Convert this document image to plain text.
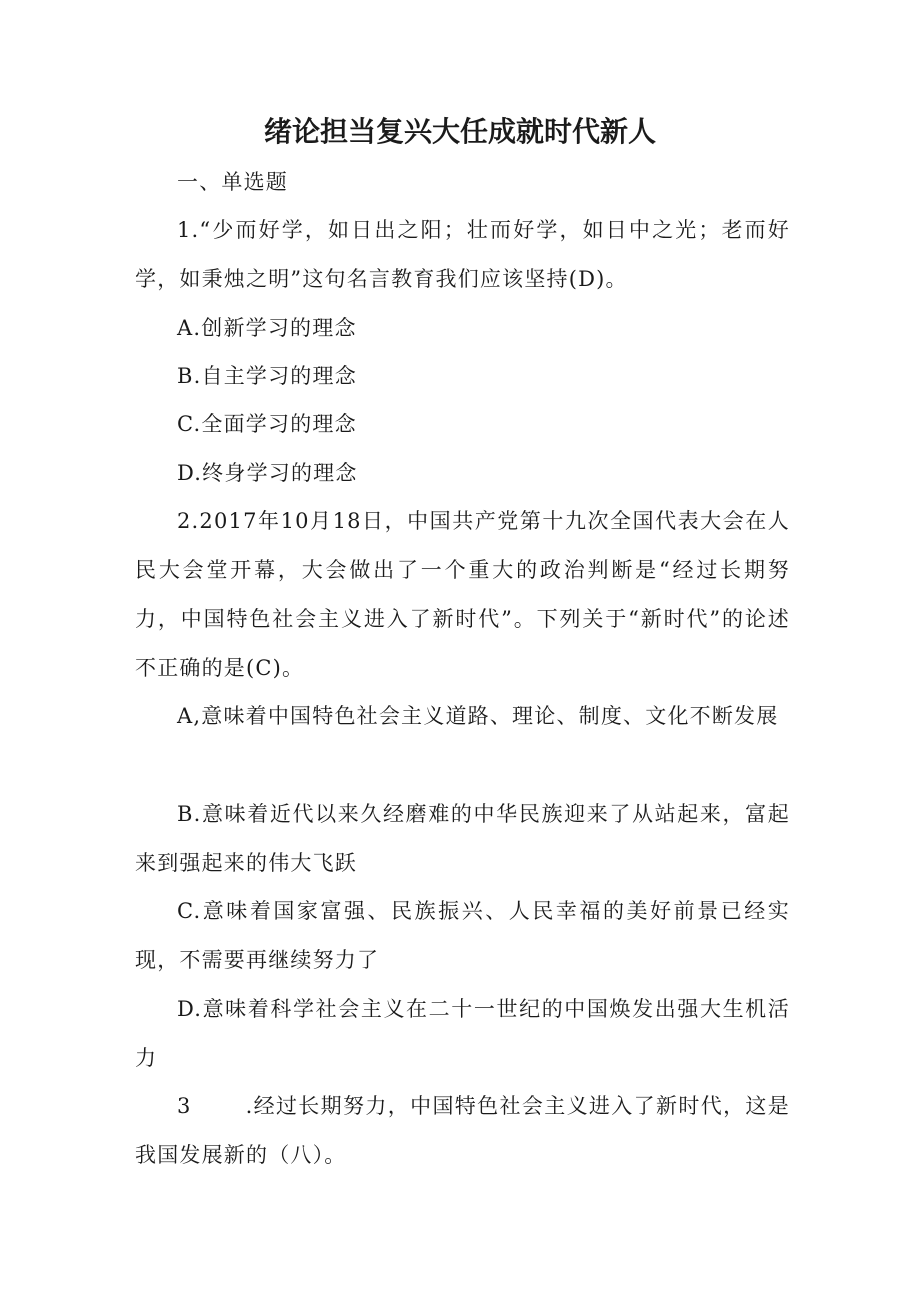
绪论担当复兴大任成就时代新人

一、单选题

1.“少而好学，如日出之阳；壮而好学，如日中之光；老而好学，如秉烛之明”这句名言教育我们应该坚持(D)。

A.创新学习的理念

B.自主学习的理念

C.全面学习的理念

D.终身学习的理念

2.2017年10月18日，中国共产党第十九次全国代表大会在人民大会堂开幕，大会做出了一个重大的政治判断是“经过长期努力，中国特色社会主义进入了新时代”。下列关于“新时代”的论述不正确的是(C)。

A,意味着中国特色社会主义道路、理论、制度、文化不断发展

B.意味着近代以来久经磨难的中华民族迎来了从站起来，富起来到强起来的伟大飞跃

C.意味着国家富强、民族振兴、人民幸福的美好前景已经实现，不需要再继续努力了

D.意味着科学社会主义在二十一世纪的中国焕发出强大生机活力

3	.经过长期努力，中国特色社会主义进入了新时代，这是我国发展新的（八）。
